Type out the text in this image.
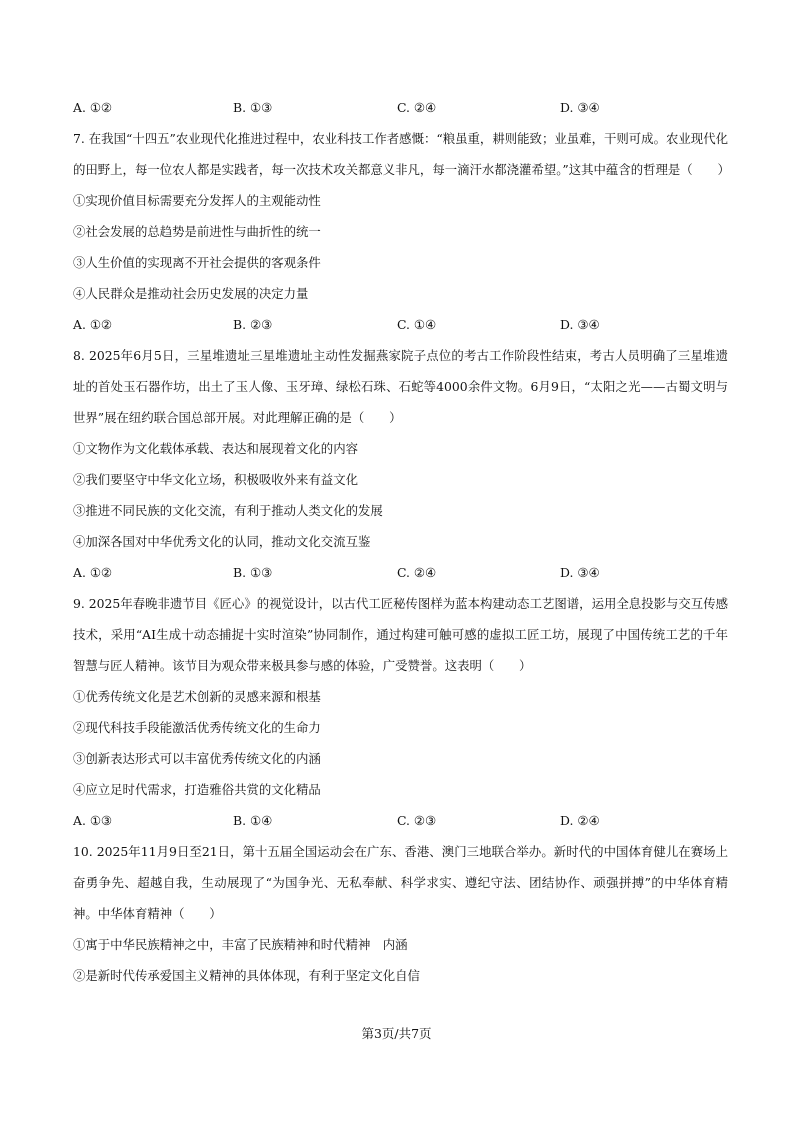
A. ①②	B. ①③	C. ②④	D. ③④
7. 在我国“十四五”农业现代化推进过程中，农业科技工作者感慨：“粮虽重，耕则能致；业虽难，干则可成。农业现代化的田野上，每一位农人都是实践者，每一次技术攻关都意义非凡，每一滴汗水都浇灌希望。”这其中蕴含的哲理是（　　）
①实现价值目标需要充分发挥人的主观能动性
②社会发展的总趋势是前进性与曲折性的统一
③人生价值的实现离不开社会提供的客观条件
④人民群众是推动社会历史发展的决定力量
A. ①②	B. ②③	C. ①④	D. ③④
8. 2025年6月5日，三星堆遗址三星堆遗址主动性发掘燕家院子点位的考古工作阶段性结束，考古人员明确了三星堆遗址的首处玉石器作坊，出土了玉人像、玉牙璋、绿松石珠、石蛇等4000余件文物。6月9日，“太阳之光——古蜀文明与世界”展在纽约联合国总部开展。对此理解正确的是（　　）
①文物作为文化载体承载、表达和展现着文化的内容
②我们要坚守中华文化立场，积极吸收外来有益文化
③推进不同民族的文化交流，有利于推动人类文化的发展
④加深各国对中华优秀文化的认同，推动文化交流互鉴
A. ①②	B. ①③	C. ②④	D. ③④
9. 2025年春晚非遗节目《匠心》的视觉设计，以古代工匠秘传图样为蓝本构建动态工艺图谱，运用全息投影与交互传感技术，采用“AI生成十动态捕捉十实时渲染”协同制作，通过构建可触可感的虚拟工匠工坊，展现了中国传统工艺的千年智慧与匠人精神。该节目为观众带来极具参与感的体验，广受赞誉。这表明（　　）
①优秀传统文化是艺术创新的灵感来源和根基
②现代科技手段能激活优秀传统文化的生命力
③创新表达形式可以丰富优秀传统文化的内涵
④应立足时代需求，打造雅俗共赏的文化精品
A. ①③	B. ①④	C. ②③	D. ②④
10. 2025年11月9日至21日，第十五届全国运动会在广东、香港、澳门三地联合举办。新时代的中国体育健儿在赛场上奋勇争先、超越自我，生动展现了“为国争光、无私奉献、科学求实、遵纪守法、团结协作、顽强拼搏”的中华体育精神。中华体育精神（　　）
①寓于中华民族精神之中，丰富了民族精神和时代精神　内涵
②是新时代传承爱国主义精神的具体体现，有利于坚定文化自信
第3页/共7页
